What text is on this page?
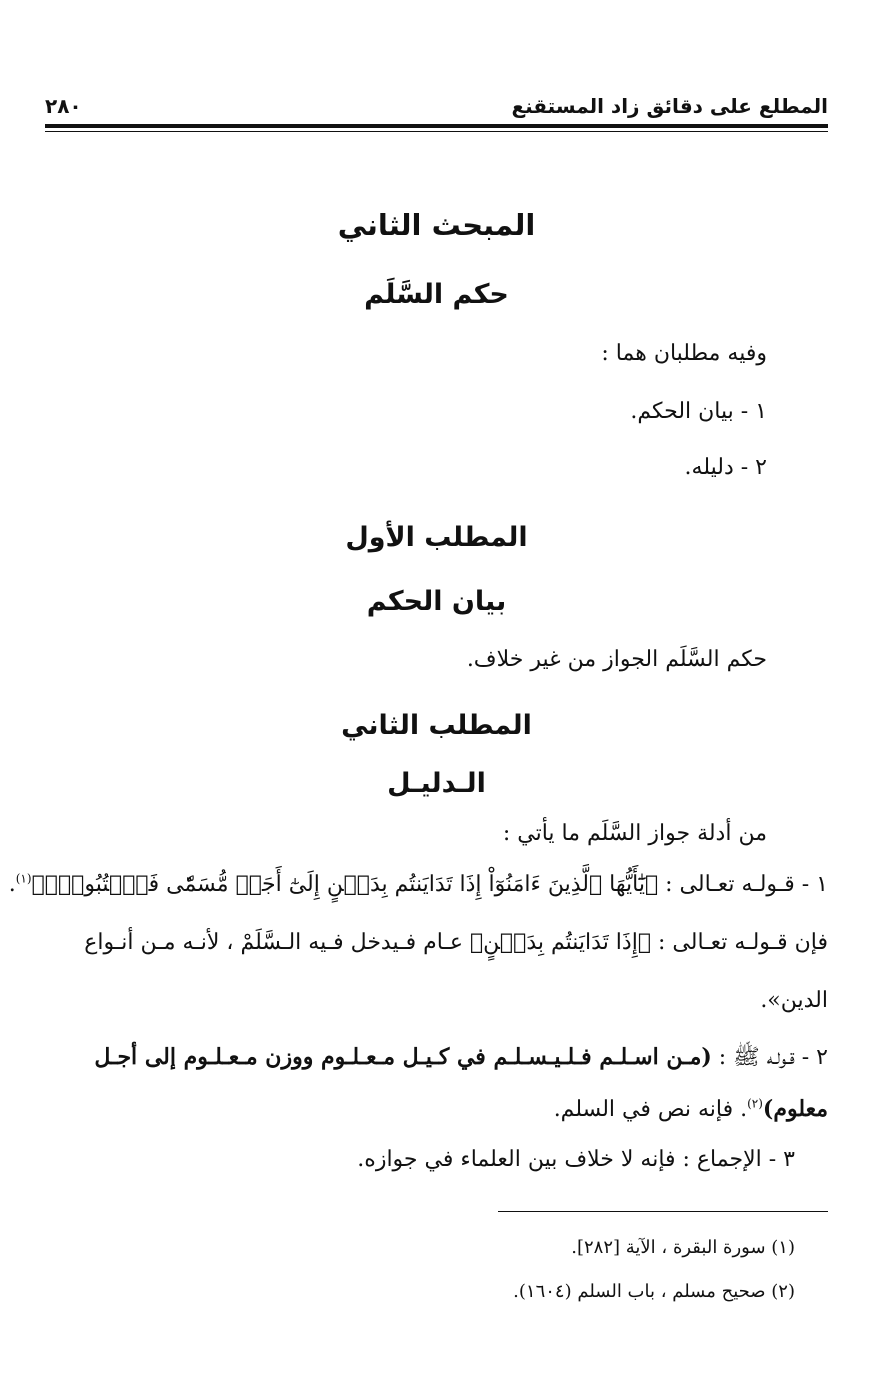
المطلع على دقائق زاد المستقنع
٢٨٠
المبحث الثاني
حكم السَّلَم
وفيه مطلبان هما :
١ - بيان الحكم.
٢ - دليله.
المطلب الأول
بيان الحكم
حكم السَّلَم الجواز من غير خلاف.
المطلب الثاني
الـدليـل
من أدلة جواز السَّلَم ما يأتي :
١ - قـولـه تعـالى : ﴿يَٰٓأَيُّهَا ٱلَّذِينَ ءَامَنُوٓاْ إِذَا تَدَايَنتُم بِدَيۡنٍ إِلَىٰٓ أَجَلٖ مُّسَمّٗى فَٱكۡتُبُوهُۚ﴾$^{(١)}$.
فإن قـولـه تعـالى : ﴿إِذَا تَدَايَنتُم بِدَيۡنٍ﴾ عـام فـيدخل فـيه الـسَّلَمْ ، لأنـه مـن أنـواع
الدين».
٢ - قـولـه ﷺ : (مـن اسـلـم فـلـيـسـلـم في كـيـل مـعـلـوم ووزن مـعـلـوم إلى أجـل
معلوم)$^{(٢)}$. فإنه نص في السلم.
٣ - الإجماع : فإنه لا خلاف بين العلماء في جوازه.
(١) سورة البقرة ، الآية [٢٨٢].
(٢) صحيح مسلم ، باب السلم (١٦٠٤).
